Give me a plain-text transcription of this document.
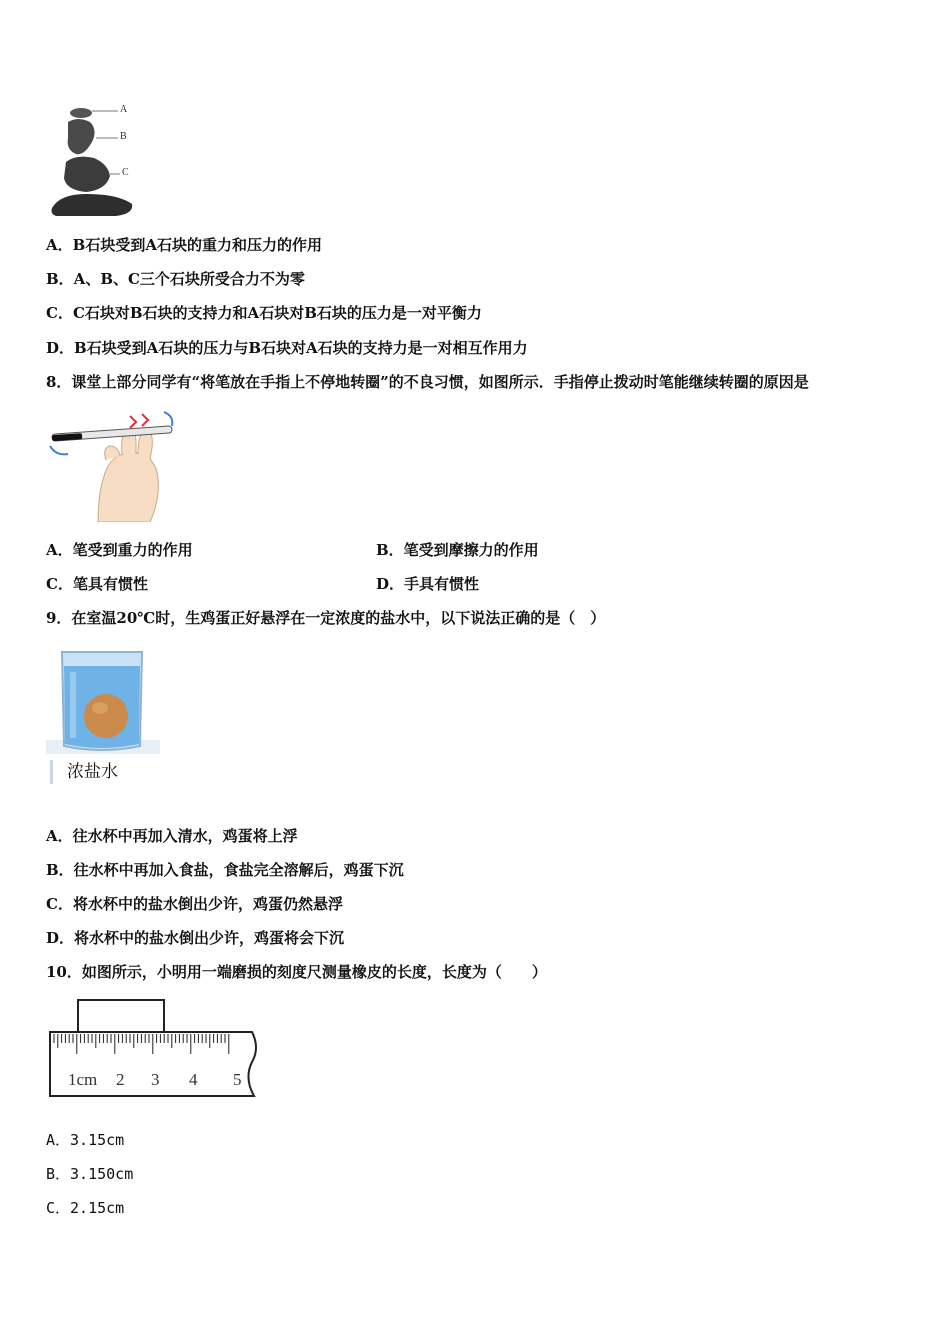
A
B
C
A．B石块受到A石块的重力和压力的作用
B．A、B、C三个石块所受合力不为零
C．C石块对B石块的支持力和A石块对B石块的压力是一对平衡力
D．B石块受到A石块的压力与B石块对A石块的支持力是一对相互作用力
8．课堂上部分同学有“将笔放在手指上不停地转圈”的不良习惯，如图所示．手指停止拨动时笔能继续转圈的原因是
A．笔受到重力的作用	B．笔受到摩擦力的作用
C．笔具有惯性	D．手具有惯性
9．在室温20℃时，生鸡蛋正好悬浮在一定浓度的盐水中，以下说法正确的是（　）
浓盐水
A．往水杯中再加入清水，鸡蛋将上浮
B．往水杯中再加入食盐，食盐完全溶解后，鸡蛋下沉
C．将水杯中的盐水倒出少许，鸡蛋仍然悬浮
D．将水杯中的盐水倒出少许，鸡蛋将会下沉
10．如图所示，小明用一端磨损的刻度尺测量橡皮的长度，长度为（　　）
1cm 2 3 4 5
A．3.15cm
B．3.150cm
C．2.15cm
